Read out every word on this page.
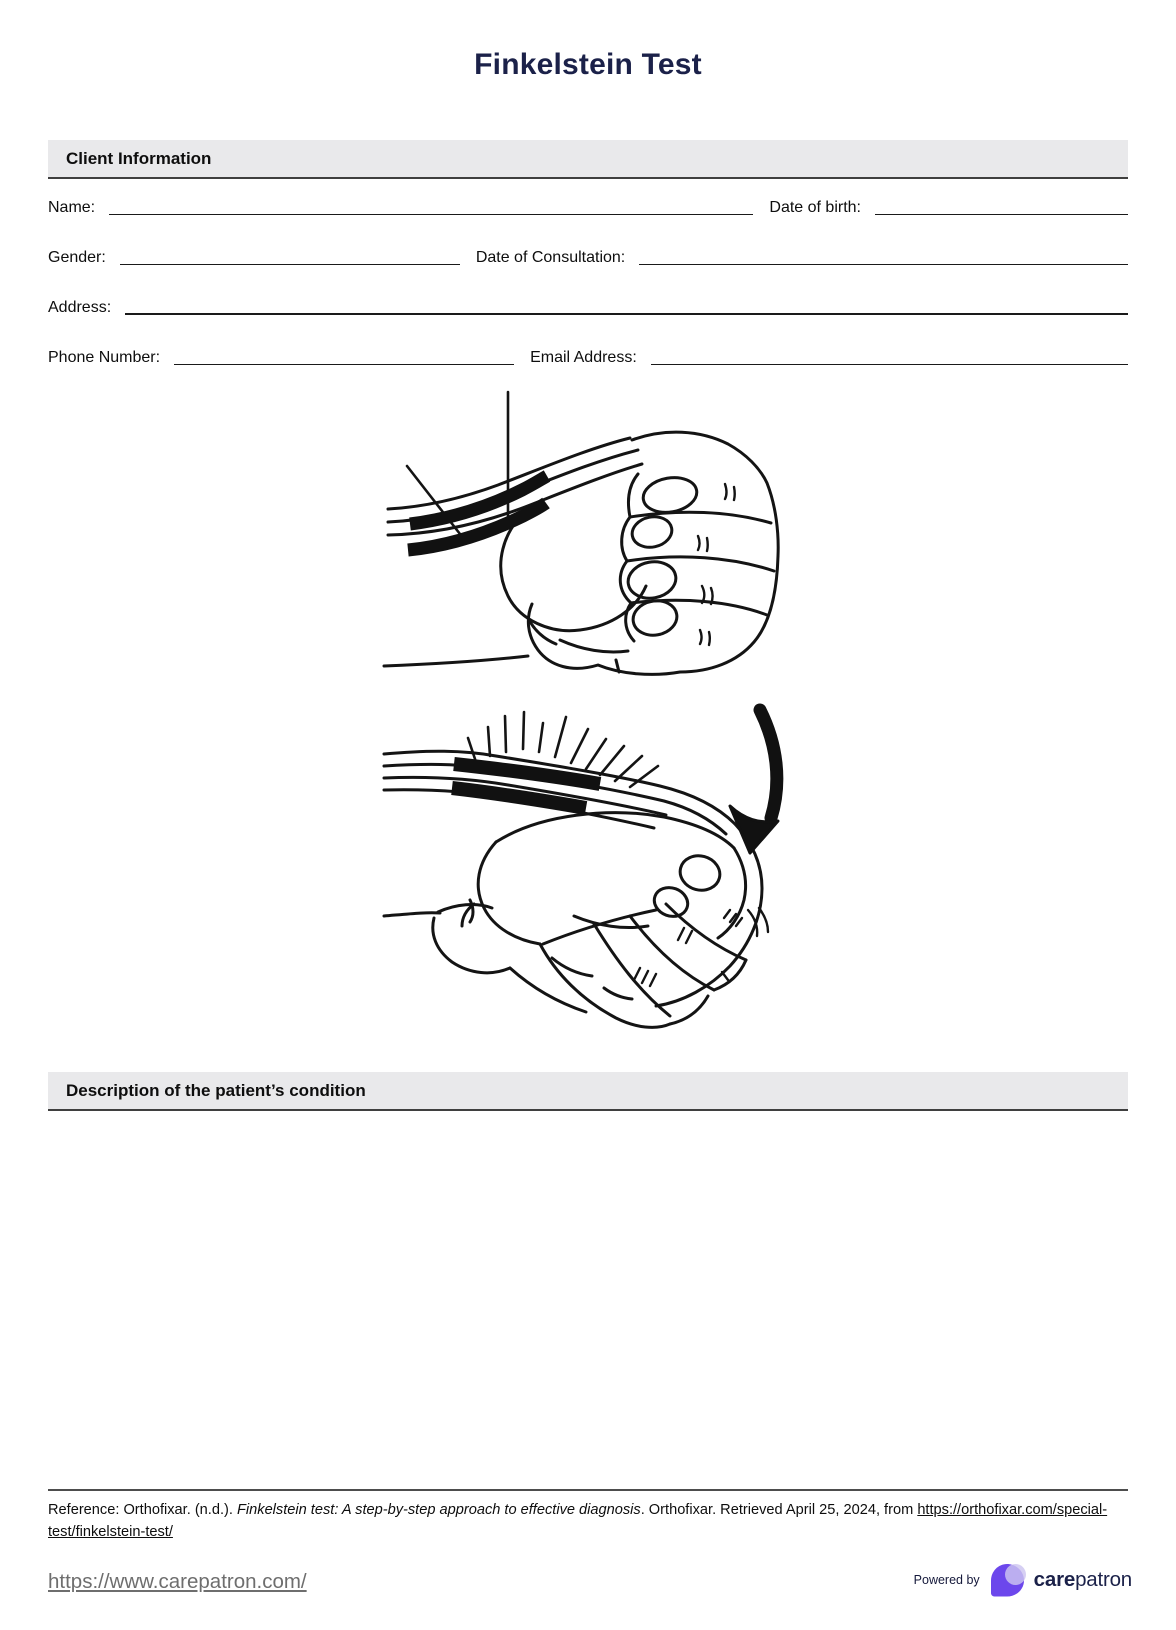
Finkelstein Test
Client Information
Name:	Date of birth:
Gender:	Date of Consultation:
Address:
Phone Number:	Email Address:
Description of the patient’s condition

Reference: Orthofixar. (n.d.). Finkelstein test: A step-by-step approach to effective diagnosis. Orthofixar. Retrieved April 25, 2024, from https://orthofixar.com/special-test/finkelstein-test/

https://www.carepatron.com/	Powered by	carepatron
